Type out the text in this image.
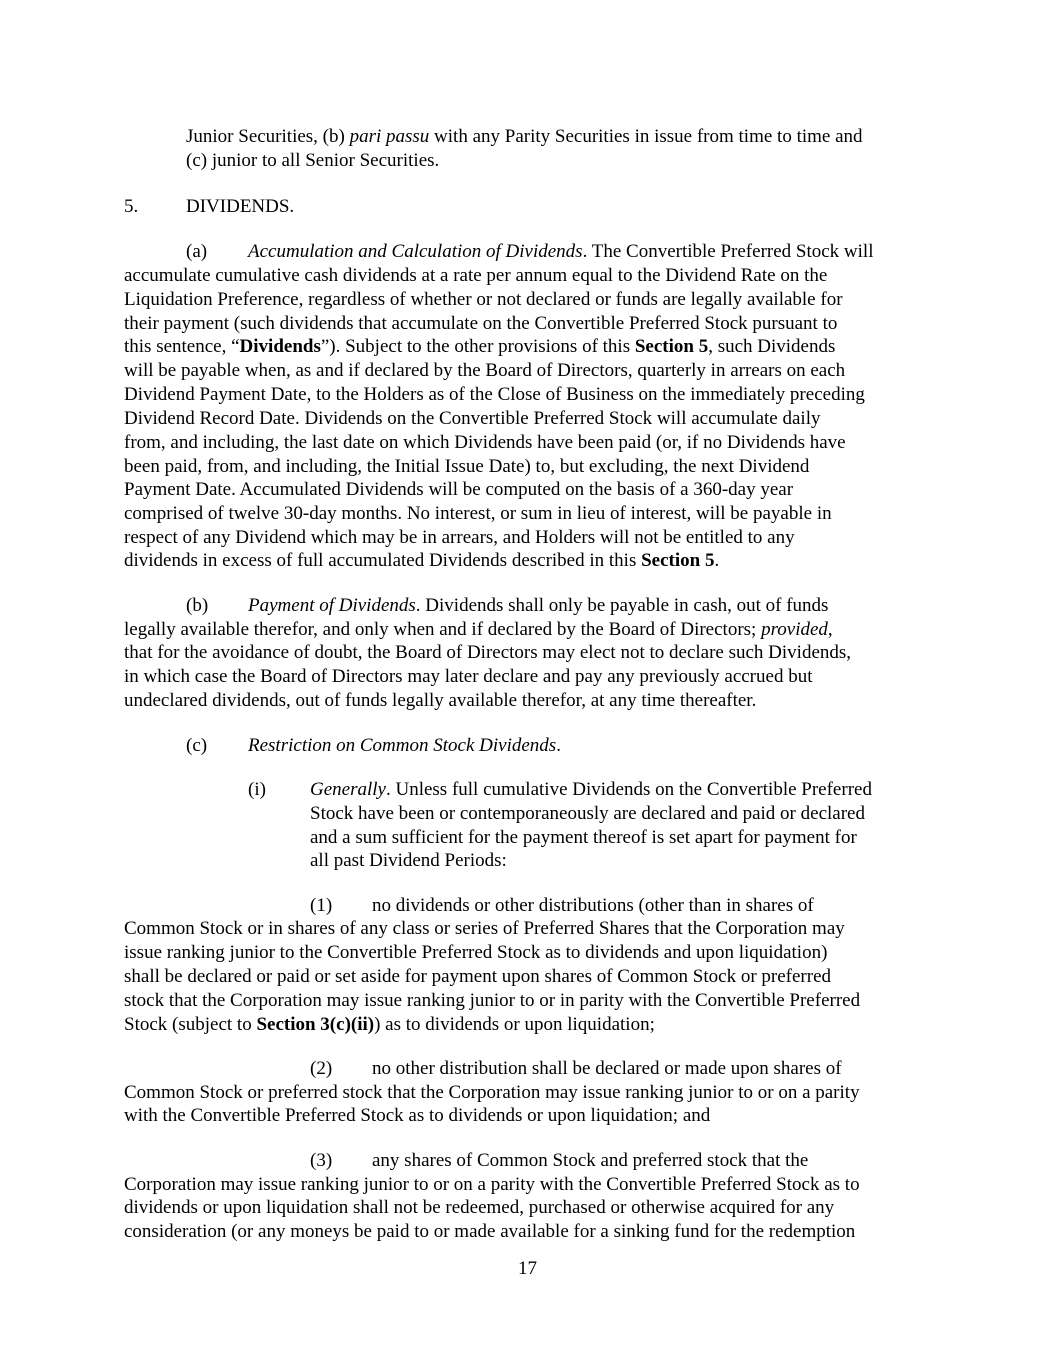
Junior Securities, (b) pari passu with any Parity Securities in issue from time to time and
(c) junior to all Senior Securities.
5.	DIVIDENDS.
(a) Accumulation and Calculation of Dividends. The Convertible Preferred Stock will
accumulate cumulative cash dividends at a rate per annum equal to the Dividend Rate on the
Liquidation Preference, regardless of whether or not declared or funds are legally available for
their payment (such dividends that accumulate on the Convertible Preferred Stock pursuant to
this sentence, “Dividends”). Subject to the other provisions of this Section 5, such Dividends
will be payable when, as and if declared by the Board of Directors, quarterly in arrears on each
Dividend Payment Date, to the Holders as of the Close of Business on the immediately preceding
Dividend Record Date. Dividends on the Convertible Preferred Stock will accumulate daily
from, and including, the last date on which Dividends have been paid (or, if no Dividends have
been paid, from, and including, the Initial Issue Date) to, but excluding, the next Dividend
Payment Date. Accumulated Dividends will be computed on the basis of a 360-day year
comprised of twelve 30-day months. No interest, or sum in lieu of interest, will be payable in
respect of any Dividend which may be in arrears, and Holders will not be entitled to any
dividends in excess of full accumulated Dividends described in this Section 5.
(b) Payment of Dividends. Dividends shall only be payable in cash, out of funds
legally available therefor, and only when and if declared by the Board of Directors; provided,
that for the avoidance of doubt, the Board of Directors may elect not to declare such Dividends,
in which case the Board of Directors may later declare and pay any previously accrued but
undeclared dividends, out of funds legally available therefor, at any time thereafter.
(c) Restriction on Common Stock Dividends.
(i) Generally. Unless full cumulative Dividends on the Convertible Preferred
Stock have been or contemporaneously are declared and paid or declared
and a sum sufficient for the payment thereof is set apart for payment for
all past Dividend Periods:
(1) no dividends or other distributions (other than in shares of
Common Stock or in shares of any class or series of Preferred Shares that the Corporation may
issue ranking junior to the Convertible Preferred Stock as to dividends and upon liquidation)
shall be declared or paid or set aside for payment upon shares of Common Stock or preferred
stock that the Corporation may issue ranking junior to or in parity with the Convertible Preferred
Stock (subject to Section 3(c)(ii)) as to dividends or upon liquidation;
(2) no other distribution shall be declared or made upon shares of
Common Stock or preferred stock that the Corporation may issue ranking junior to or on a parity
with the Convertible Preferred Stock as to dividends or upon liquidation; and
(3) any shares of Common Stock and preferred stock that the
Corporation may issue ranking junior to or on a parity with the Convertible Preferred Stock as to
dividends or upon liquidation shall not be redeemed, purchased or otherwise acquired for any
consideration (or any moneys be paid to or made available for a sinking fund for the redemption
17
